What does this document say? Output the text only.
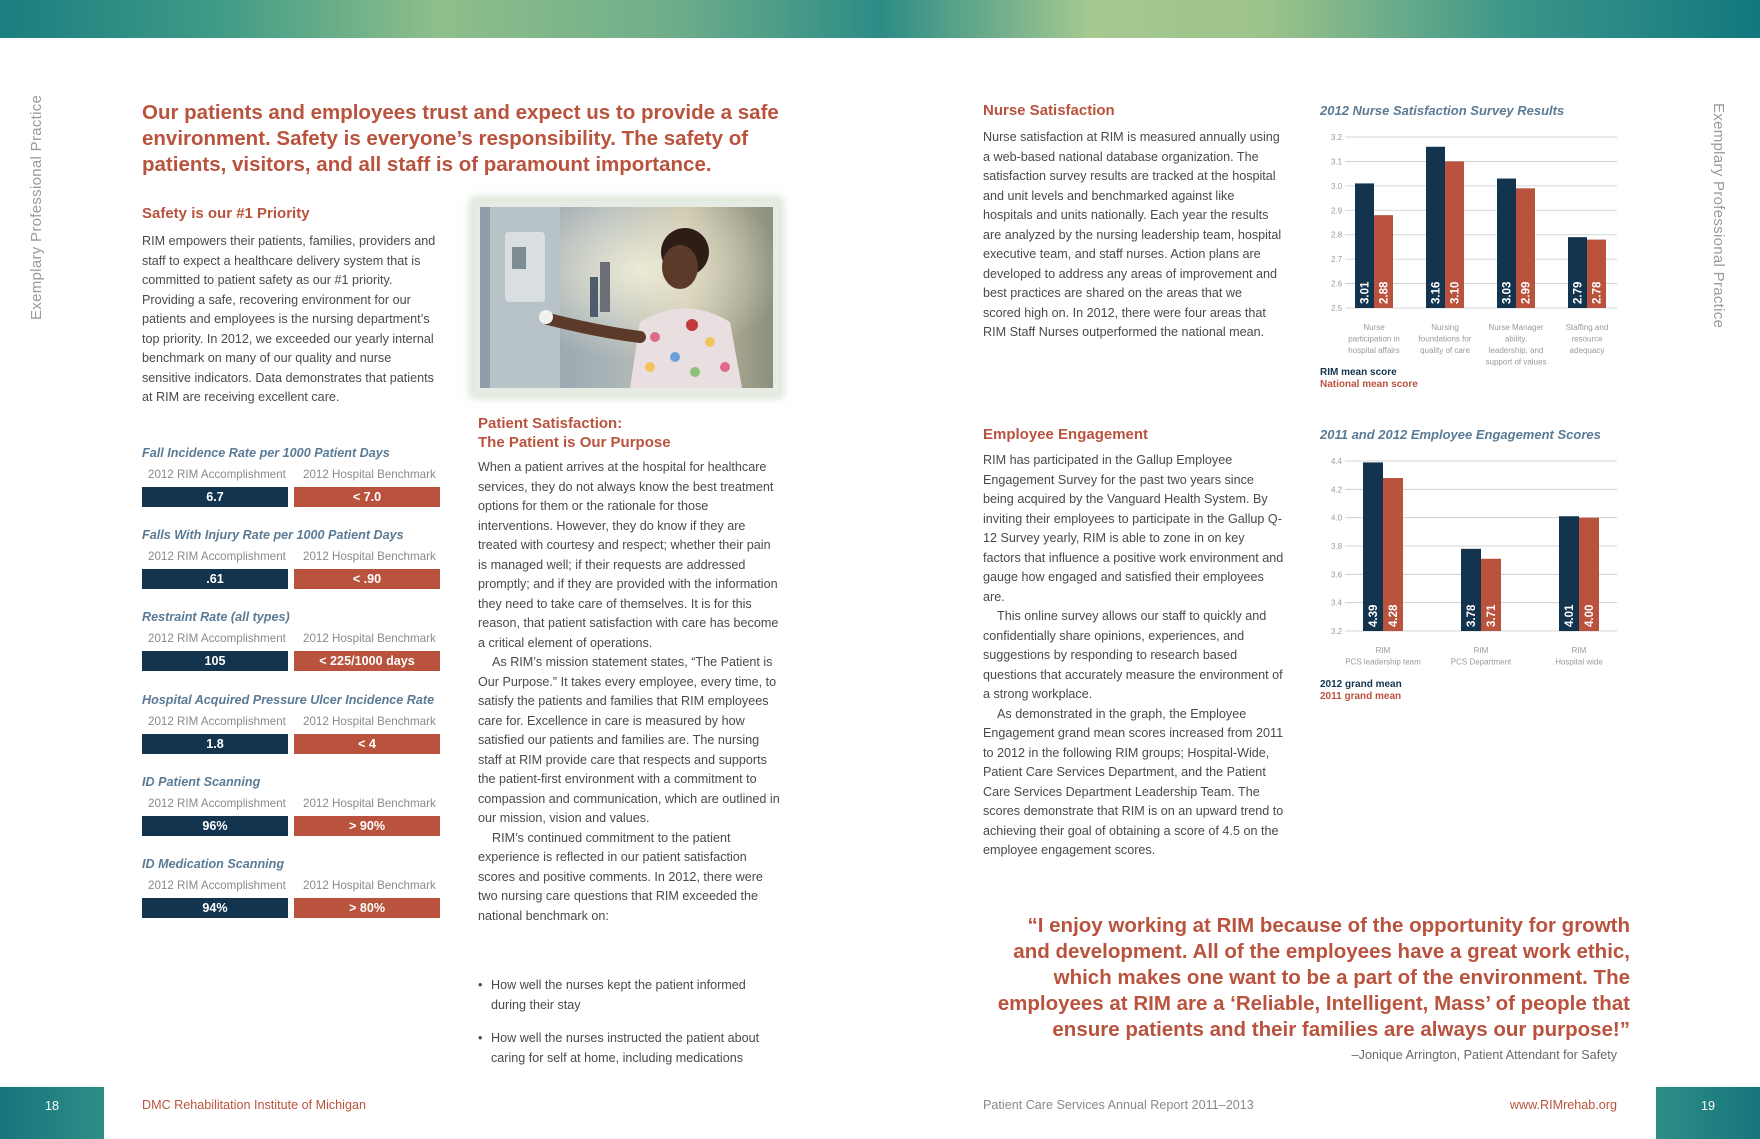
Exemplary Professional Practice	Exemplary Professional Practice
Our patients and employees trust and expect us to provide a safe environment. Safety is everyone’s responsibility. The safety of patients, visitors, and all staff is of paramount importance.
Safety is our #1 Priority

RIM empowers their patients, families, providers and staff to expect a healthcare delivery system that is committed to patient safety as our #1 priority. Providing a safe, recovering environment for our patients and employees is the nursing department’s top priority. In 2012, we exceeded our yearly internal benchmark on many of our quality and nurse sensitive indicators. Data demonstrates that patients at RIM are receiving excellent care.

Fall Incidence Rate per 1000 Patient Days
2012 RIM Accomplishment 2012 Hospital Benchmark
6.7	< 7.0
Falls With Injury Rate per 1000 Patient Days
2012 RIM Accomplishment 2012 Hospital Benchmark
.61	< .90
Restraint Rate (all types)
2012 RIM Accomplishment 2012 Hospital Benchmark
105	< 225/1000 days
Hospital Acquired Pressure Ulcer Incidence Rate
2012 RIM Accomplishment 2012 Hospital Benchmark
1.8	< 4
ID Patient Scanning
2012 RIM Accomplishment 2012 Hospital Benchmark
96%	> 90%
ID Medication Scanning
2012 RIM Accomplishment 2012 Hospital Benchmark
94%	> 80%
Patient Satisfaction:
The Patient is Our Purpose

When a patient arrives at the hospital for healthcare services, they do not always know the best treatment options for them or the rationale for those interventions. However, they do know if they are treated with courtesy and respect; whether their pain is managed well; if their requests are addressed promptly; and if they are provided with the information they need to take care of themselves. It is for this reason, that patient satisfaction with care has become a critical element of operations.

As RIM’s mission statement states, “The Patient is Our Purpose.” It takes every employee, every time, to satisfy the patients and families that RIM employees care for. Excellence in care is measured by how satisfied our patients and families are. The nursing staff at RIM provide care that respects and supports the patient-first environment with a commitment to compassion and communication, which are outlined in our mission, vision and values.

RIM’s continued commitment to the patient experience is reflected in our patient satisfaction scores and positive comments. In 2012, there were two nursing care questions that RIM exceeded the national benchmark on:

• How well the nurses kept the patient informed during their stay
• How well the nurses instructed the patient about caring for self at home, including medications
Nurse Satisfaction

Nurse satisfaction at RIM is measured annually using a web-based national database organization. The satisfaction survey results are tracked at the hospital and unit levels and benchmarked against like hospitals and units nationally. Each year the results are analyzed by the nursing leadership team, hospital executive team, and staff nurses. Action plans are developed to address any areas of improvement and best practices are shared on the areas that we scored high on. In 2012, there were four areas that RIM Staff Nurses outperformed the national mean.

Employee Engagement

RIM has participated in the Gallup Employee Engagement Survey for the past two years since being acquired by the Vanguard Health System. By inviting their employees to participate in the Gallup Q-12 Survey yearly, RIM is able to zone in on key factors that influence a positive work environment and gauge how engaged and satisfied their employees are.

This online survey allows our staff to quickly and confidentially share opinions, experiences, and suggestions by responding to research based questions that accurately measure the environment of a strong workplace.

As demonstrated in the graph, the Employee Engagement grand mean scores increased from 2011 to 2012 in the following RIM groups; Hospital-Wide, Patient Care Services Department, and the Patient Care Services Department Leadership Team. The scores demonstrate that RIM is on an upward trend to achieving their goal of obtaining a score of 4.5 on the employee engagement scores.

2012 Nurse Satisfaction Survey Results
2.5
2.6
2.7
2.8
2.9
3.0
3.1
3.2
3.01 2.88
Nurse
participation in
hospital affairs
3.16 3.10
Nursing
foundations for
quality of care
3.03 2.99
Nurse Manager
ability,
leadership, and
support of values
2.79 2.78
Staffing and
resource
adequacy
RIM mean score
National mean score
2011 and 2012 Employee Engagement Scores
3.2
3.4
3.6
3.8
4.0
4.2
4.4
4.39 4.28
RIM
PCS leadership team
3.78 3.71
RIM
PCS Department
4.01 4.00
RIM
Hospital wide
2012 grand mean
2011 grand mean
“I enjoy working at RIM because of the opportunity for growth and development. All of the employees have a great work ethic, which makes one want to be a part of the environment. The employees at RIM are a ‘Reliable, Intelligent, Mass’ of people that ensure patients and their families are always our purpose!”
–Jonique Arrington, Patient Attendant for Safety
18	19
DMC Rehabilitation Institute of Michigan	Patient Care Services Annual Report 2011–2013	www.RIMrehab.org
